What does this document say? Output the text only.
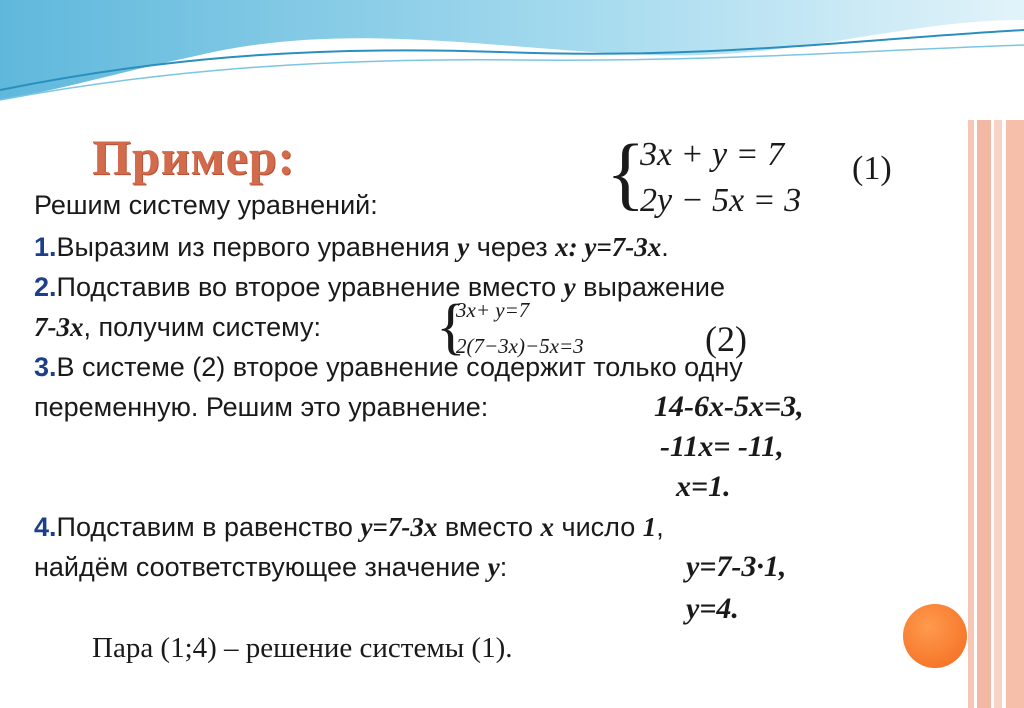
Пример:	{
3x + y = 7
2y − 5x = 3
(1)
Решим систему уравнений:
1.Выразим из первого уравнения y через x: y=7-3x.
2.Подставив во второе уравнение вместо y выражение
7-3x, получим систему: {
3x+ y=7
2(7−3x)−5x=3	(2)
3.В системе (2) второе уравнение содержит только одну
переменную. Решим это уравнение:	14-6x-5x=3,
-11x= -11,
x=1.
4.Подставим в равенство y=7-3x вместо x число 1,
найдём соответствующее значение y:	y=7-3·1,
y=4.
Пара (1;4) – решение системы (1).
